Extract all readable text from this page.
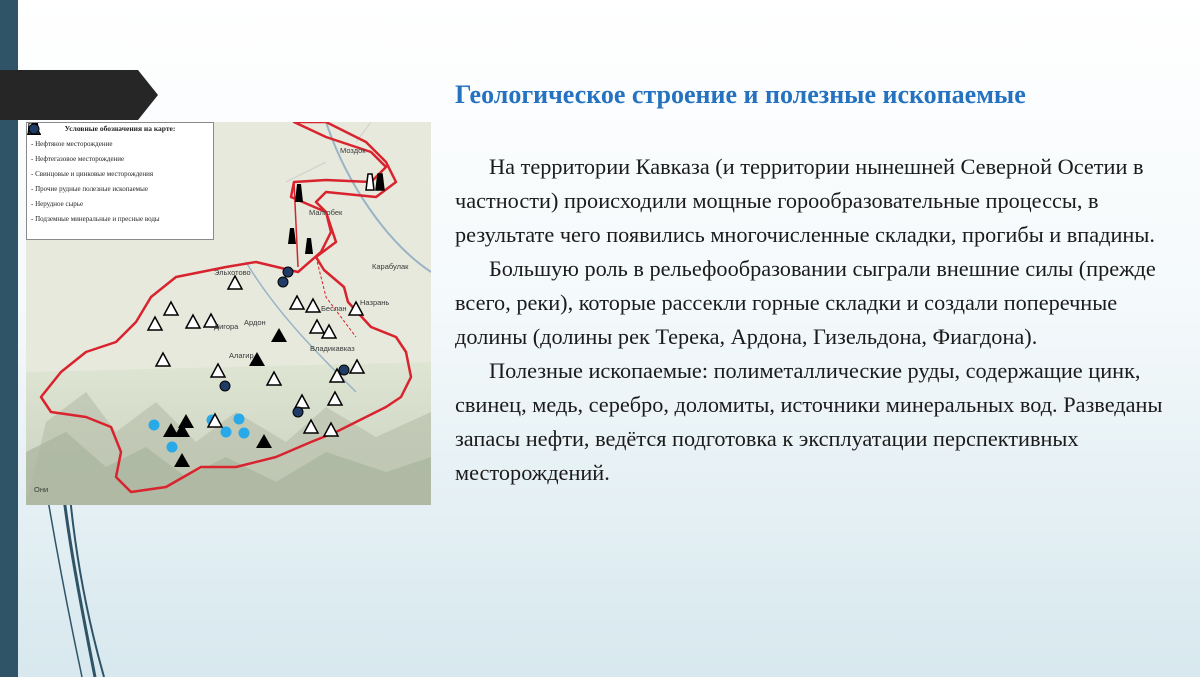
Геологическое строение и полезные ископаемые

На территории Кавказа (и территории нынешней Северной Осетии в частности) происходили мощные горообразовательные процессы, в результате чего появились многочисленные складки, прогибы и впадины.

Большую роль в рельефообразовании сыграли внешние силы (прежде всего, реки), которые рассекли горные складки и создали поперечные долины (долины рек Терека, Ардона, Гизельдона, Фиагдона).

Полезные ископаемые: полиметаллические руды, содержащие цинк, свинец, медь, серебро, доломиты, источники минеральных вод. Разведаны запасы нефти, ведётся подготовка к эксплуатации перспективных месторождений.

Моздок
Малгобек
Эльхотово
Карабулак
Назрань
Беслан
Ардон
Дигора
Алагир
Владикавказ
Они
Условные обозначения на карте:
- Нефтяное месторождение
- Нефтегазовое месторождение
- Свинцовые и цинковые месторождения
- Прочие рудные полезные ископаемые
- Нерудное сырье
- Подземные минеральные и пресные воды
